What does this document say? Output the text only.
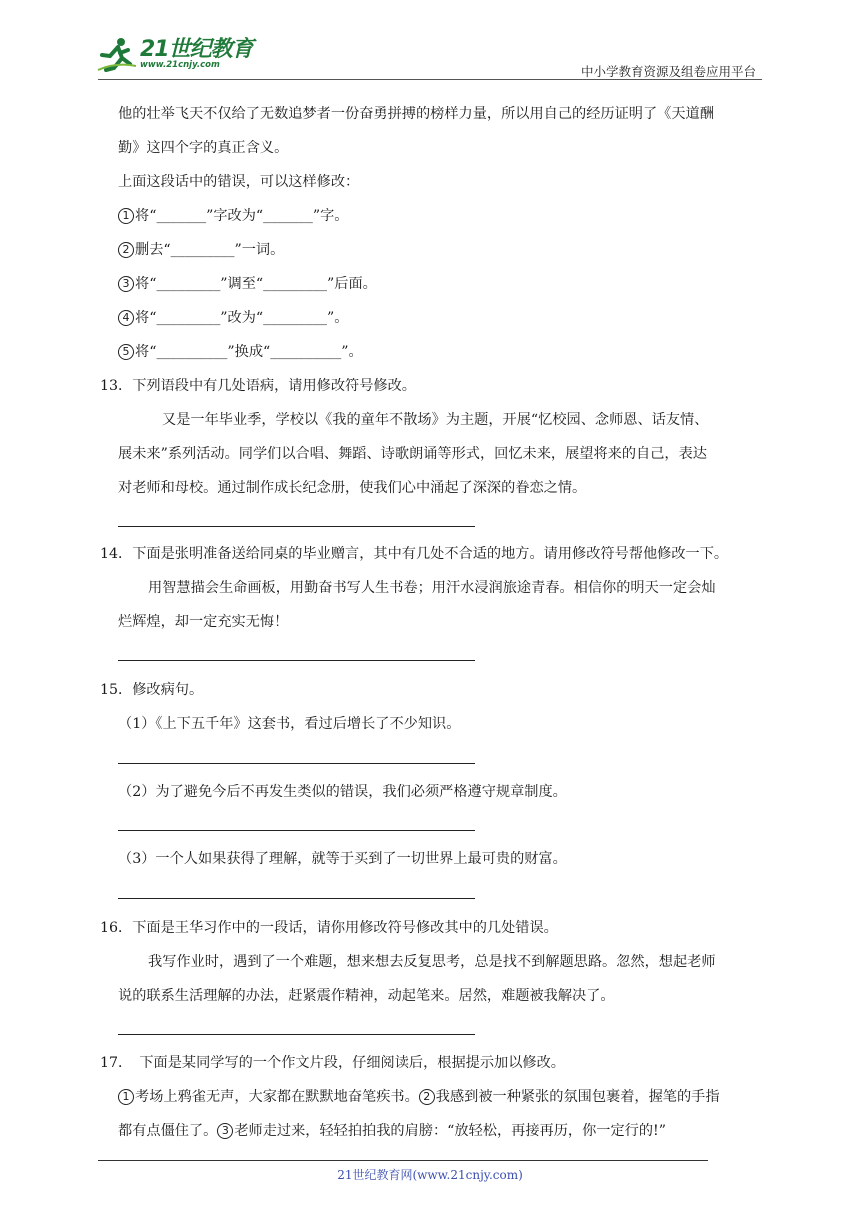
21世纪教育
www.21cnjy.com	中小学教育资源及组卷应用平台
他的壮举飞天不仅给了无数追梦者一份奋勇拼搏的榜样力量，所以用自己的经历证明了《天道酬
勤》这四个字的真正含义。
上面这段话中的错误，可以这样修改：
1 将“_______”字改为“_______”字。
2 删去“_________”一词。
3 将“_________”调至“_________”后面。
4 将“_________”改为“_________”。
5 将“__________”换成“__________”。
13．下列语段中有几处语病，请用修改符号修改。
又是一年毕业季，学校以《我的童年不散场》为主题，开展“忆校园、念师恩、话友情、
展未来”系列活动。同学们以合唱、舞蹈、诗歌朗诵等形式，回忆未来，展望将来的自己，表达
对老师和母校。通过制作成长纪念册，使我们心中涌起了深深的眷恋之情。
14．下面是张明准备送给同桌的毕业赠言，其中有几处不合适的地方。请用修改符号帮他修改一下。
用智慧描会生命画板，用勤奋书写人生书卷；用汗水浸润旅途青春。相信你的明天一定会灿
烂辉煌，却一定充实无悔！
15．修改病句。
（1）《上下五千年》这套书，看过后增长了不少知识。
（2）为了避免今后不再发生类似的错误，我们必须严格遵守规章制度。
（3）一个人如果获得了理解，就等于买到了一切世界上最可贵的财富。
16．下面是王华习作中的一段话，请你用修改符号修改其中的几处错误。
我写作业时，遇到了一个难题，想来想去反复思考，总是找不到解题思路。忽然，想起老师
说的联系生活理解的办法，赶紧震作精神，动起笔来。居然，难题被我解决了。
17．　下面是某同学写的一个作文片段，仔细阅读后，根据提示加以修改。
1 考场上鸦雀无声，大家都在默默地奋笔疾书。 2 我感到被一种紧张的氛围包裹着，握笔的手指
都有点僵住了。 3 老师走过来，轻轻拍拍我的肩膀：“放轻松，再接再历，你一定行的!”
21世纪教育网(www.21cnjy.com)
